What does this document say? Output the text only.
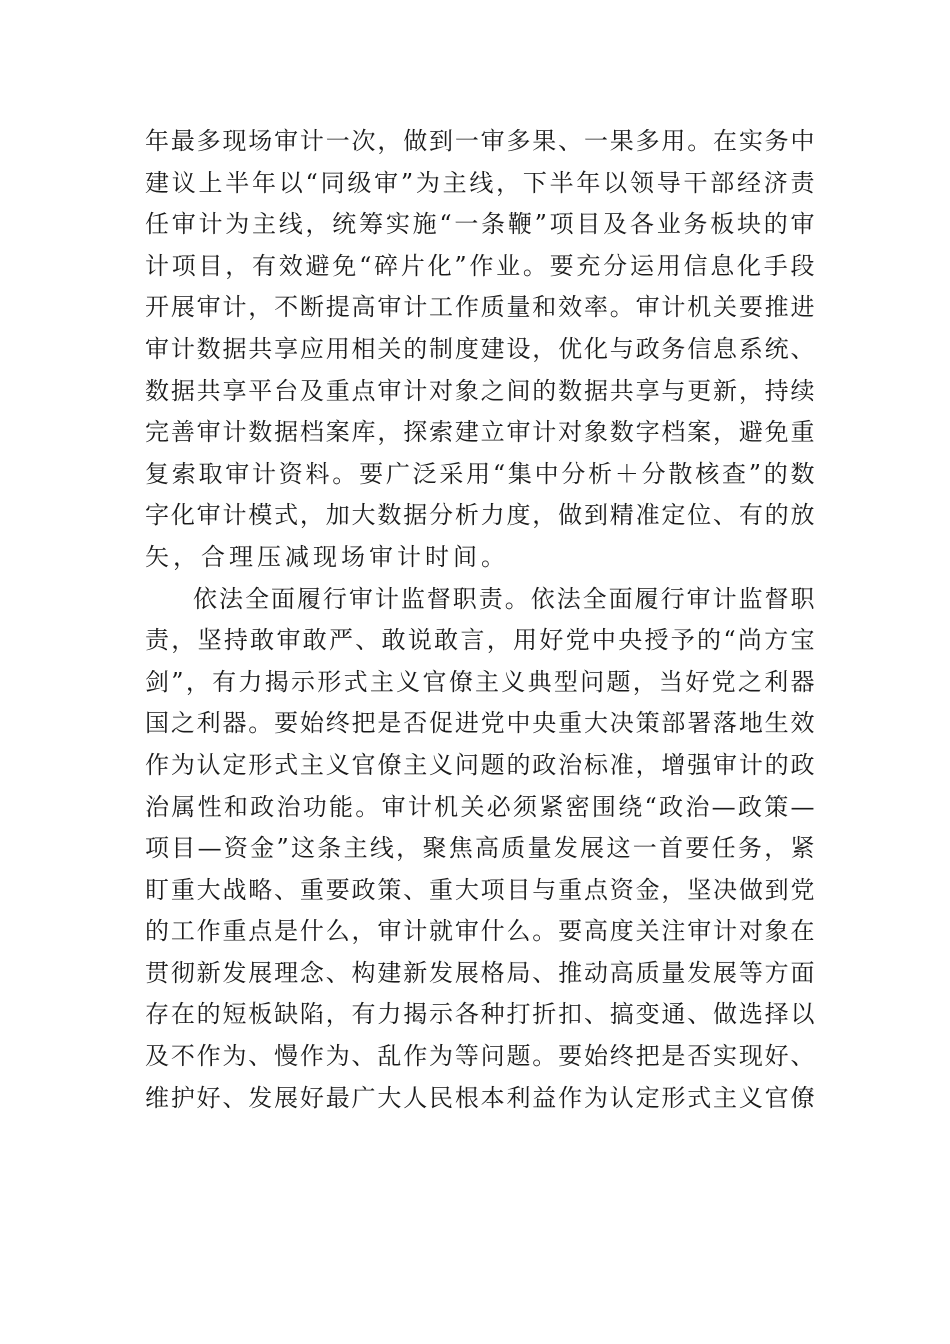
年最多现场审计一次，做到一审多果、一果多用。在实务中
建议上半年以“同级审”为主线，下半年以领导干部经济责
任审计为主线，统筹实施“一条鞭”项目及各业务板块的审
计项目，有效避免“碎片化”作业。要充分运用信息化手段
开展审计，不断提高审计工作质量和效率。审计机关要推进
审计数据共享应用相关的制度建设，优化与政务信息系统、
数据共享平台及重点审计对象之间的数据共享与更新，持续
完善审计数据档案库，探索建立审计对象数字档案，避免重
复索取审计资料。要广泛采用“集中分析＋分散核查”的数
字化审计模式，加大数据分析力度，做到精准定位、有的放
矢，合理压减现场审计时间。
依法全面履行审计监督职责。依法全面履行审计监督职
责，坚持敢审敢严、敢说敢言，用好党中央授予的“尚方宝
剑”，有力揭示形式主义官僚主义典型问题，当好党之利器
国之利器。要始终把是否促进党中央重大决策部署落地生效
作为认定形式主义官僚主义问题的政治标准，增强审计的政
治属性和政治功能。审计机关必须紧密围绕“政治—政策—
项目—资金”这条主线，聚焦高质量发展这一首要任务，紧
盯重大战略、重要政策、重大项目与重点资金，坚决做到党
的工作重点是什么，审计就审什么。要高度关注审计对象在
贯彻新发展理念、构建新发展格局、推动高质量发展等方面
存在的短板缺陷，有力揭示各种打折扣、搞变通、做选择以
及不作为、慢作为、乱作为等问题。要始终把是否实现好、
维护好、发展好最广大人民根本利益作为认定形式主义官僚
